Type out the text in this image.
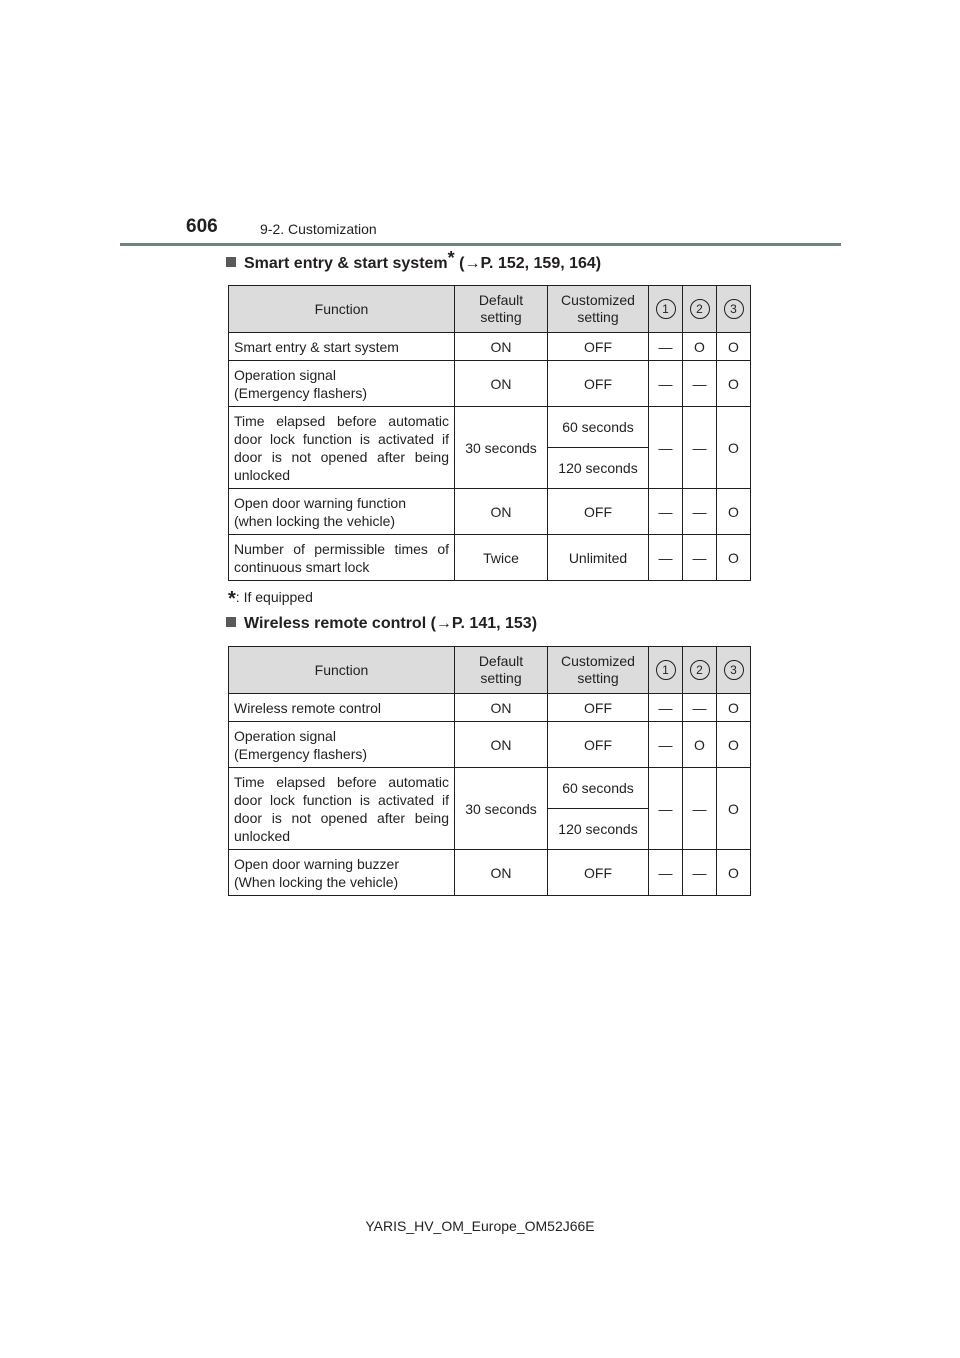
606	9-2. Customization
Smart entry & start system* (→P. 152, 159, 164)
Function	Default setting	Customized setting	1	2	3
Smart entry & start system	ON	OFF	—	O	O
Operation signal
(Emergency flashers)	ON	OFF	—	—	O
Time elapsed before automatic door lock function is activated if door is not opened after being unlocked	30 seconds	60 seconds	—	—	O
		120 seconds			
Open door warning function
(when locking the vehicle)	ON	OFF	—	—	O
Number of permissible times of continuous smart lock	Twice	Unlimited	—	—	O
*: If equipped
Wireless remote control (→P. 141, 153)
Function	Default setting	Customized setting	1	2	3
Wireless remote control	ON	OFF	—	—	O
Operation signal
(Emergency flashers)	ON	OFF	—	O	O
Time elapsed before automatic door lock function is activated if door is not opened after being unlocked	30 seconds	60 seconds	—	—	O
		120 seconds			
Open door warning buzzer
(When locking the vehicle)	ON	OFF	—	—	O
YARIS_HV_OM_Europe_OM52J66E
